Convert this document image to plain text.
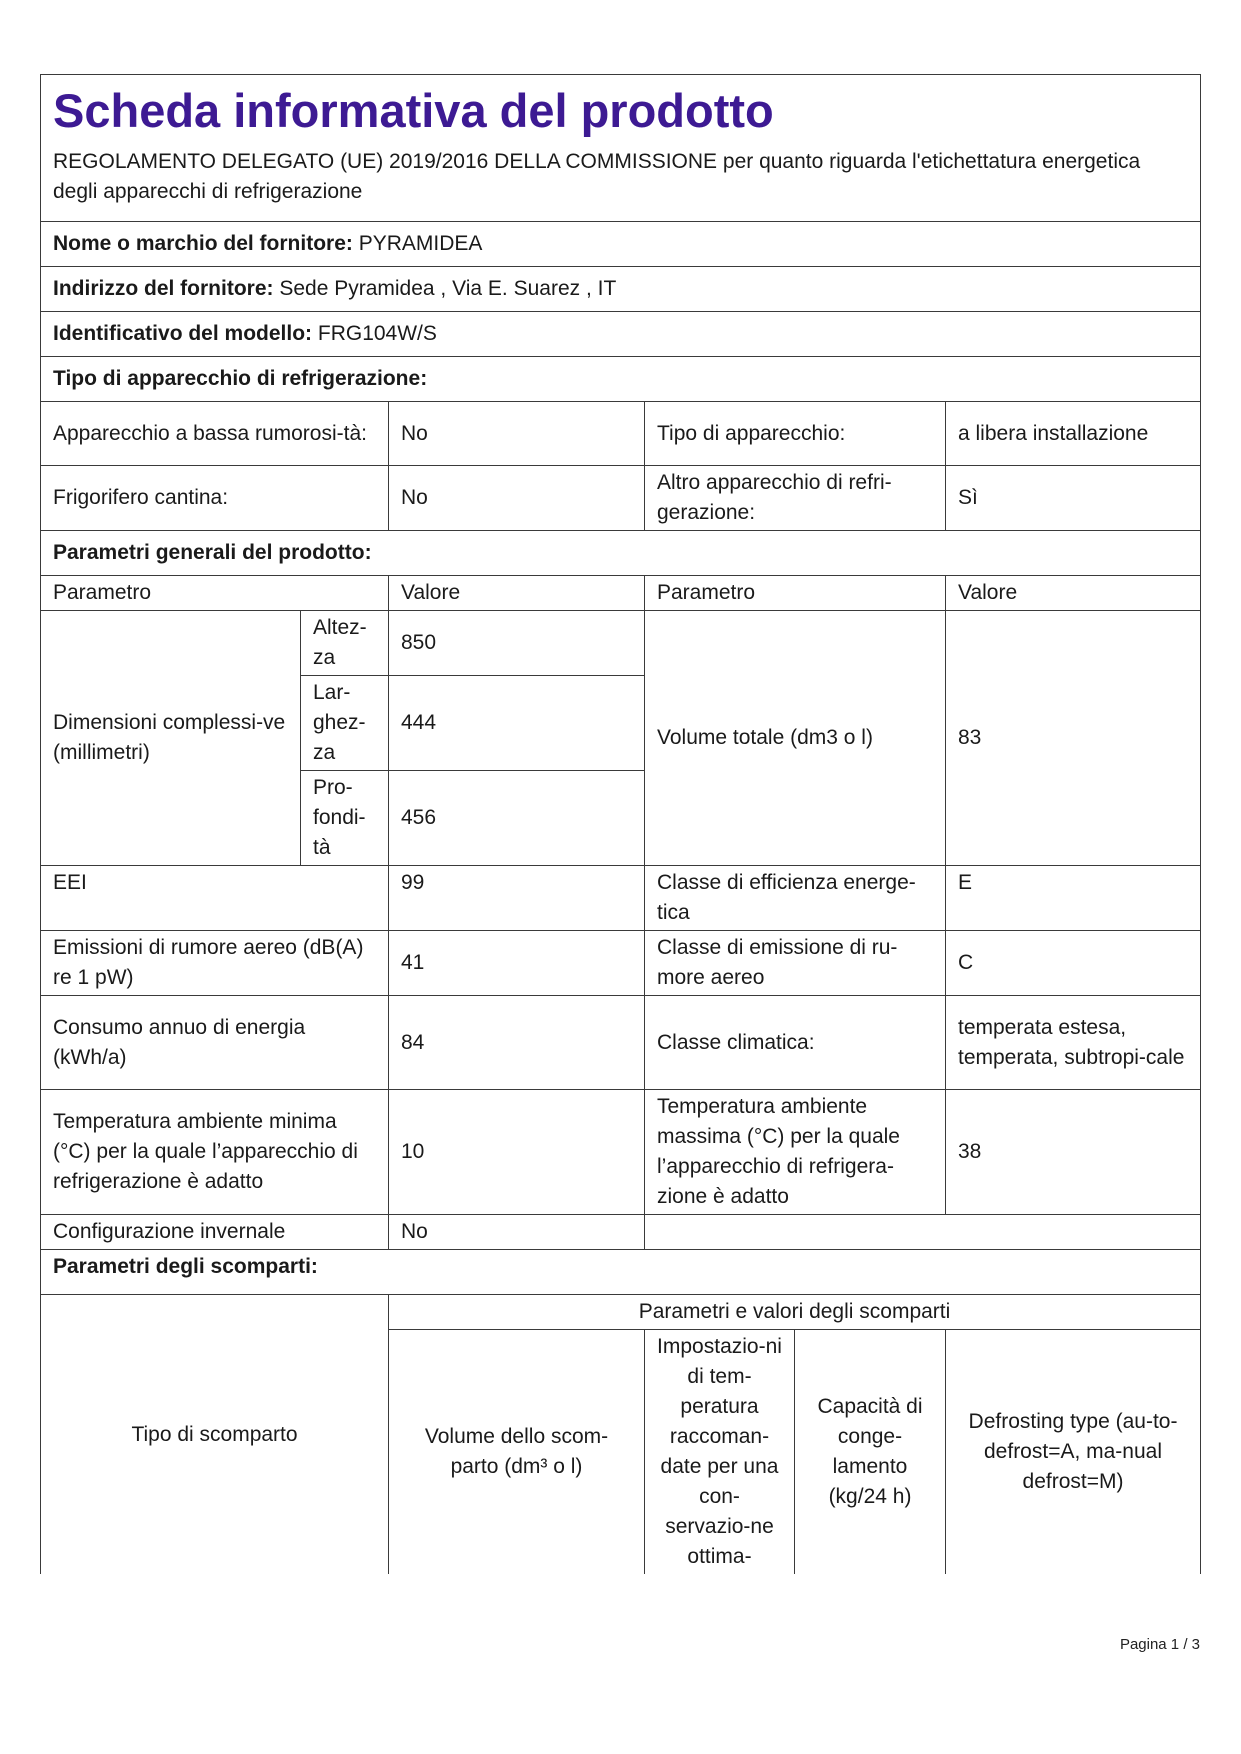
Scheda informativa del prodotto
REGOLAMENTO DELEGATO (UE) 2019/2016 DELLA COMMISSIONE per quanto riguarda l'etichettatura energetica degli apparecchi di refrigerazione					

Nome o marchio del fornitore: PYRAMIDEA					
Indirizzo del fornitore: Sede Pyramidea , Via E. Suarez , IT					
Identificativo del modello: FRG104W/S					
Tipo di apparecchio di refrigerazione:					
Apparecchio a bassa rumorosi-tà:		No	Tipo di apparecchio:		a libera installazione
Frigorifero cantina:		No	Altro apparecchio di refri-gerazione:		Sì
Parametri generali del prodotto:					
Parametro		Valore	Parametro		Valore
Dimensioni complessi-ve (millimetri)	Altez-za	850	Volume totale (dm3 o l)		83
	Lar-ghez-za	444			
	Pro-fondi-tà	456			
EEI		99	Classe di efficienza energe-tica		E
Emissioni di rumore aereo (dB(A) re 1 pW)		41	Classe di emissione di ru-more aereo		C
Consumo annuo di energia (kWh/a)		84	Classe climatica:		temperata estesa, temperata, subtropi-cale
Temperatura ambiente minima (°C) per la quale l’apparecchio di refrigerazione è adatto		10	Temperatura ambiente massima (°C) per la quale l’apparecchio di refrigera-zione è adatto		38
Configurazione invernale		No			
Parametri degli scomparti:					
Tipo di scomparto		Parametri e valori degli scomparti			
		Volume dello scom-parto (dm³ o l)	Impostazio-ni di tem-peratura raccoman-date per una con-servazio-ne ottima-	Capacità di conge-lamento (kg/24 h)	Defrosting type (au-to-defrost=A, ma-nual defrost=M)
Pagina 1 / 3
